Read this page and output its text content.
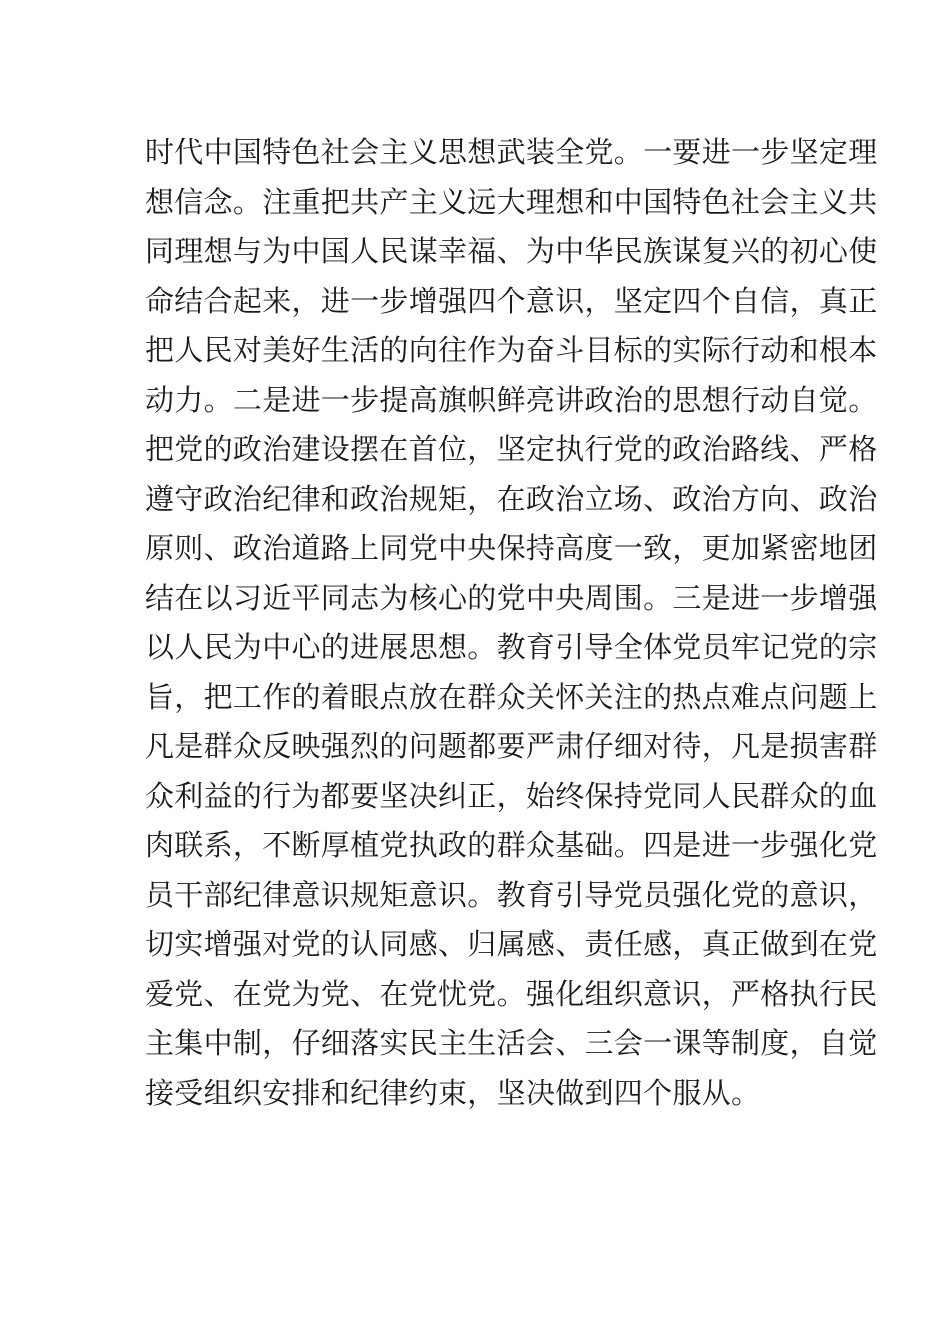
时代中国特色社会主义思想武装全党。一要进一步坚定理
想信念。注重把共产主义远大理想和中国特色社会主义共
同理想与为中国人民谋幸福、为中华民族谋复兴的初心使
命结合起来，进一步增强四个意识，坚定四个自信，真正
把人民对美好生活的向往作为奋斗目标的实际行动和根本
动力。二是进一步提高旗帜鲜亮讲政治的思想行动自觉。
把党的政治建设摆在首位，坚定执行党的政治路线、严格
遵守政治纪律和政治规矩，在政治立场、政治方向、政治
原则、政治道路上同党中央保持高度一致，更加紧密地团
结在以习近平同志为核心的党中央周围。三是进一步增强
以人民为中心的进展思想。教育引导全体党员牢记党的宗
旨，把工作的着眼点放在群众关怀关注的热点难点问题上
凡是群众反映强烈的问题都要严肃仔细对待，凡是损害群
众利益的行为都要坚决纠正，始终保持党同人民群众的血
肉联系，不断厚植党执政的群众基础。四是进一步强化党
员干部纪律意识规矩意识。教育引导党员强化党的意识，
切实增强对党的认同感、归属感、责任感，真正做到在党
爱党、在党为党、在党忧党。强化组织意识，严格执行民
主集中制，仔细落实民主生活会、三会一课等制度，自觉
接受组织安排和纪律约束，坚决做到四个服从。
